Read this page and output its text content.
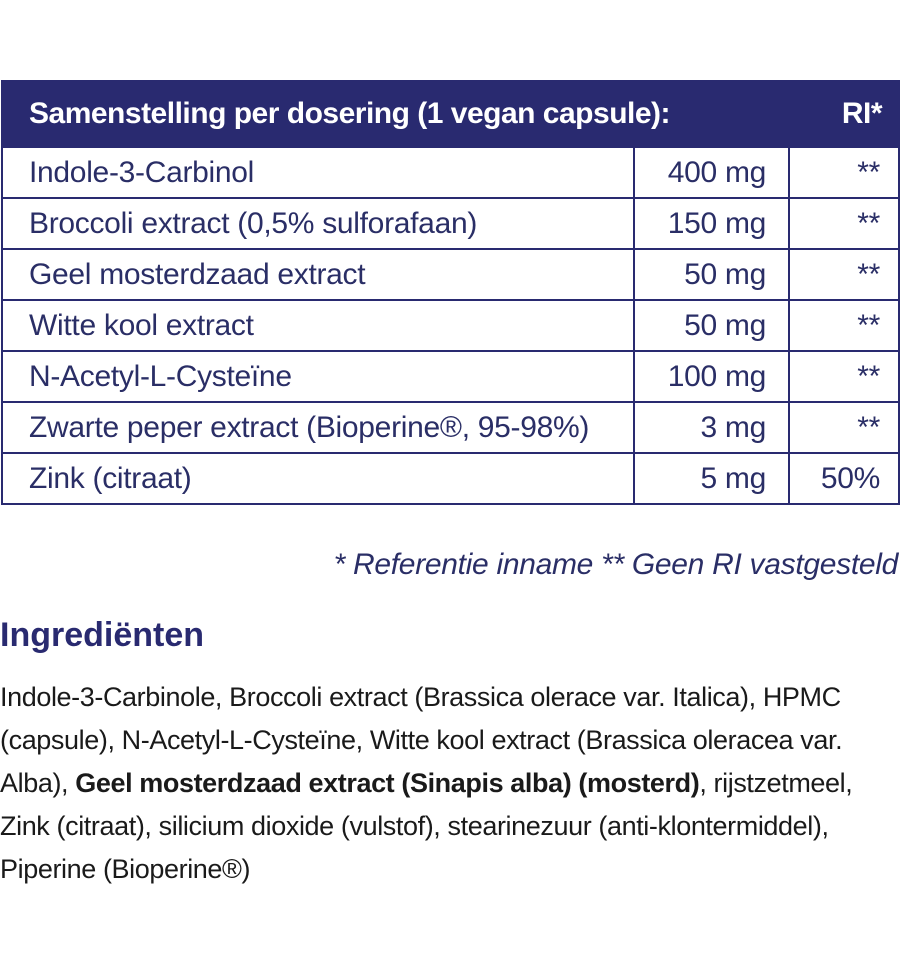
Samenstelling per dosering (1 vegan capsule):		RI*
Indole-3-Carbinol	400 mg	**
Broccoli extract (0,5% sulforafaan)	150 mg	**
Geel mosterdzaad extract	50 mg	**
Witte kool extract	50 mg	**
N-Acetyl-L-Cysteïne	100 mg	**
Zwarte peper extract (Bioperine®, 95-98%)	3 mg	**
Zink (citraat)	5 mg	50%
* Referentie inname ** Geen RI vastgesteld
Ingrediënten

Indole-3-Carbinole, Broccoli extract (Brassica olerace var. Italica), HPMC (capsule), N-Acetyl-L-Cysteïne, Witte kool extract (Brassica oleracea var. Alba), Geel mosterdzaad extract (Sinapis alba) (mosterd), rijstzetmeel, Zink (citraat), silicium dioxide (vulstof), stearinezuur (anti-klontermiddel), Piperine (Bioperine®)
